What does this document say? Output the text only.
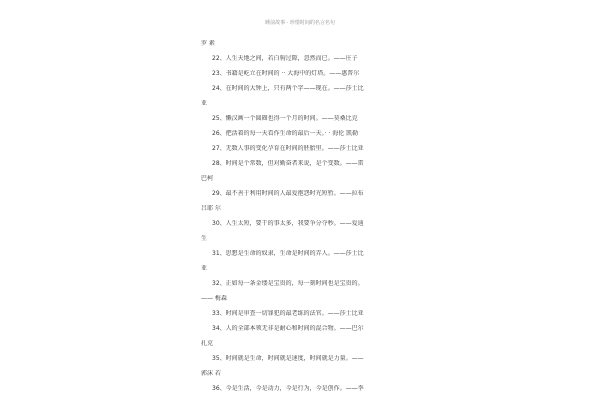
睡前故事 · 珍惜时间的名言名句
罗 素
22、人生天地之间，若白驹过隙，忽然而已。——庄子
23、书籍是屹立在时间的 ·· 大海中的灯塔。——惠普尔
24、在时间的大钟上，只有两个字——现在。——莎士比
亚
25、懒汉画一个圆圈也得一个月的时间。——莫桑比克
26、把活着的每一天看作生命的最后一天。· · 海伦 凯勒
27、无数人事的变化孕育在时间的胚胎里。——莎士比亚
28、时间是个常数，但对勤奋者来说，是个变数。——雷
巴柯
29、最不善于利用时间的人最爱抱怨时光短暂。——拉布
吕耶 尔
30、人生太短，要干的事太多，我要争分夺秒。——爱迪
生
31、思想是生命的奴隶，生命是时间的弄人。——莎士比
亚
32、正如每一条金缕是宝贵的，每一刻时间也是宝贵的。
—— 梅森
33、时间是审查一切罪犯的最老练的法官。——莎士比亚
34、人的全部本领无非是耐心和时间的混合物。——巴尔
扎克
35、时间就是生命，时间就是速度，时间就是力量。——
郭沫 若
36、今是生活，今是动力，今是行为，今是创作。——李
